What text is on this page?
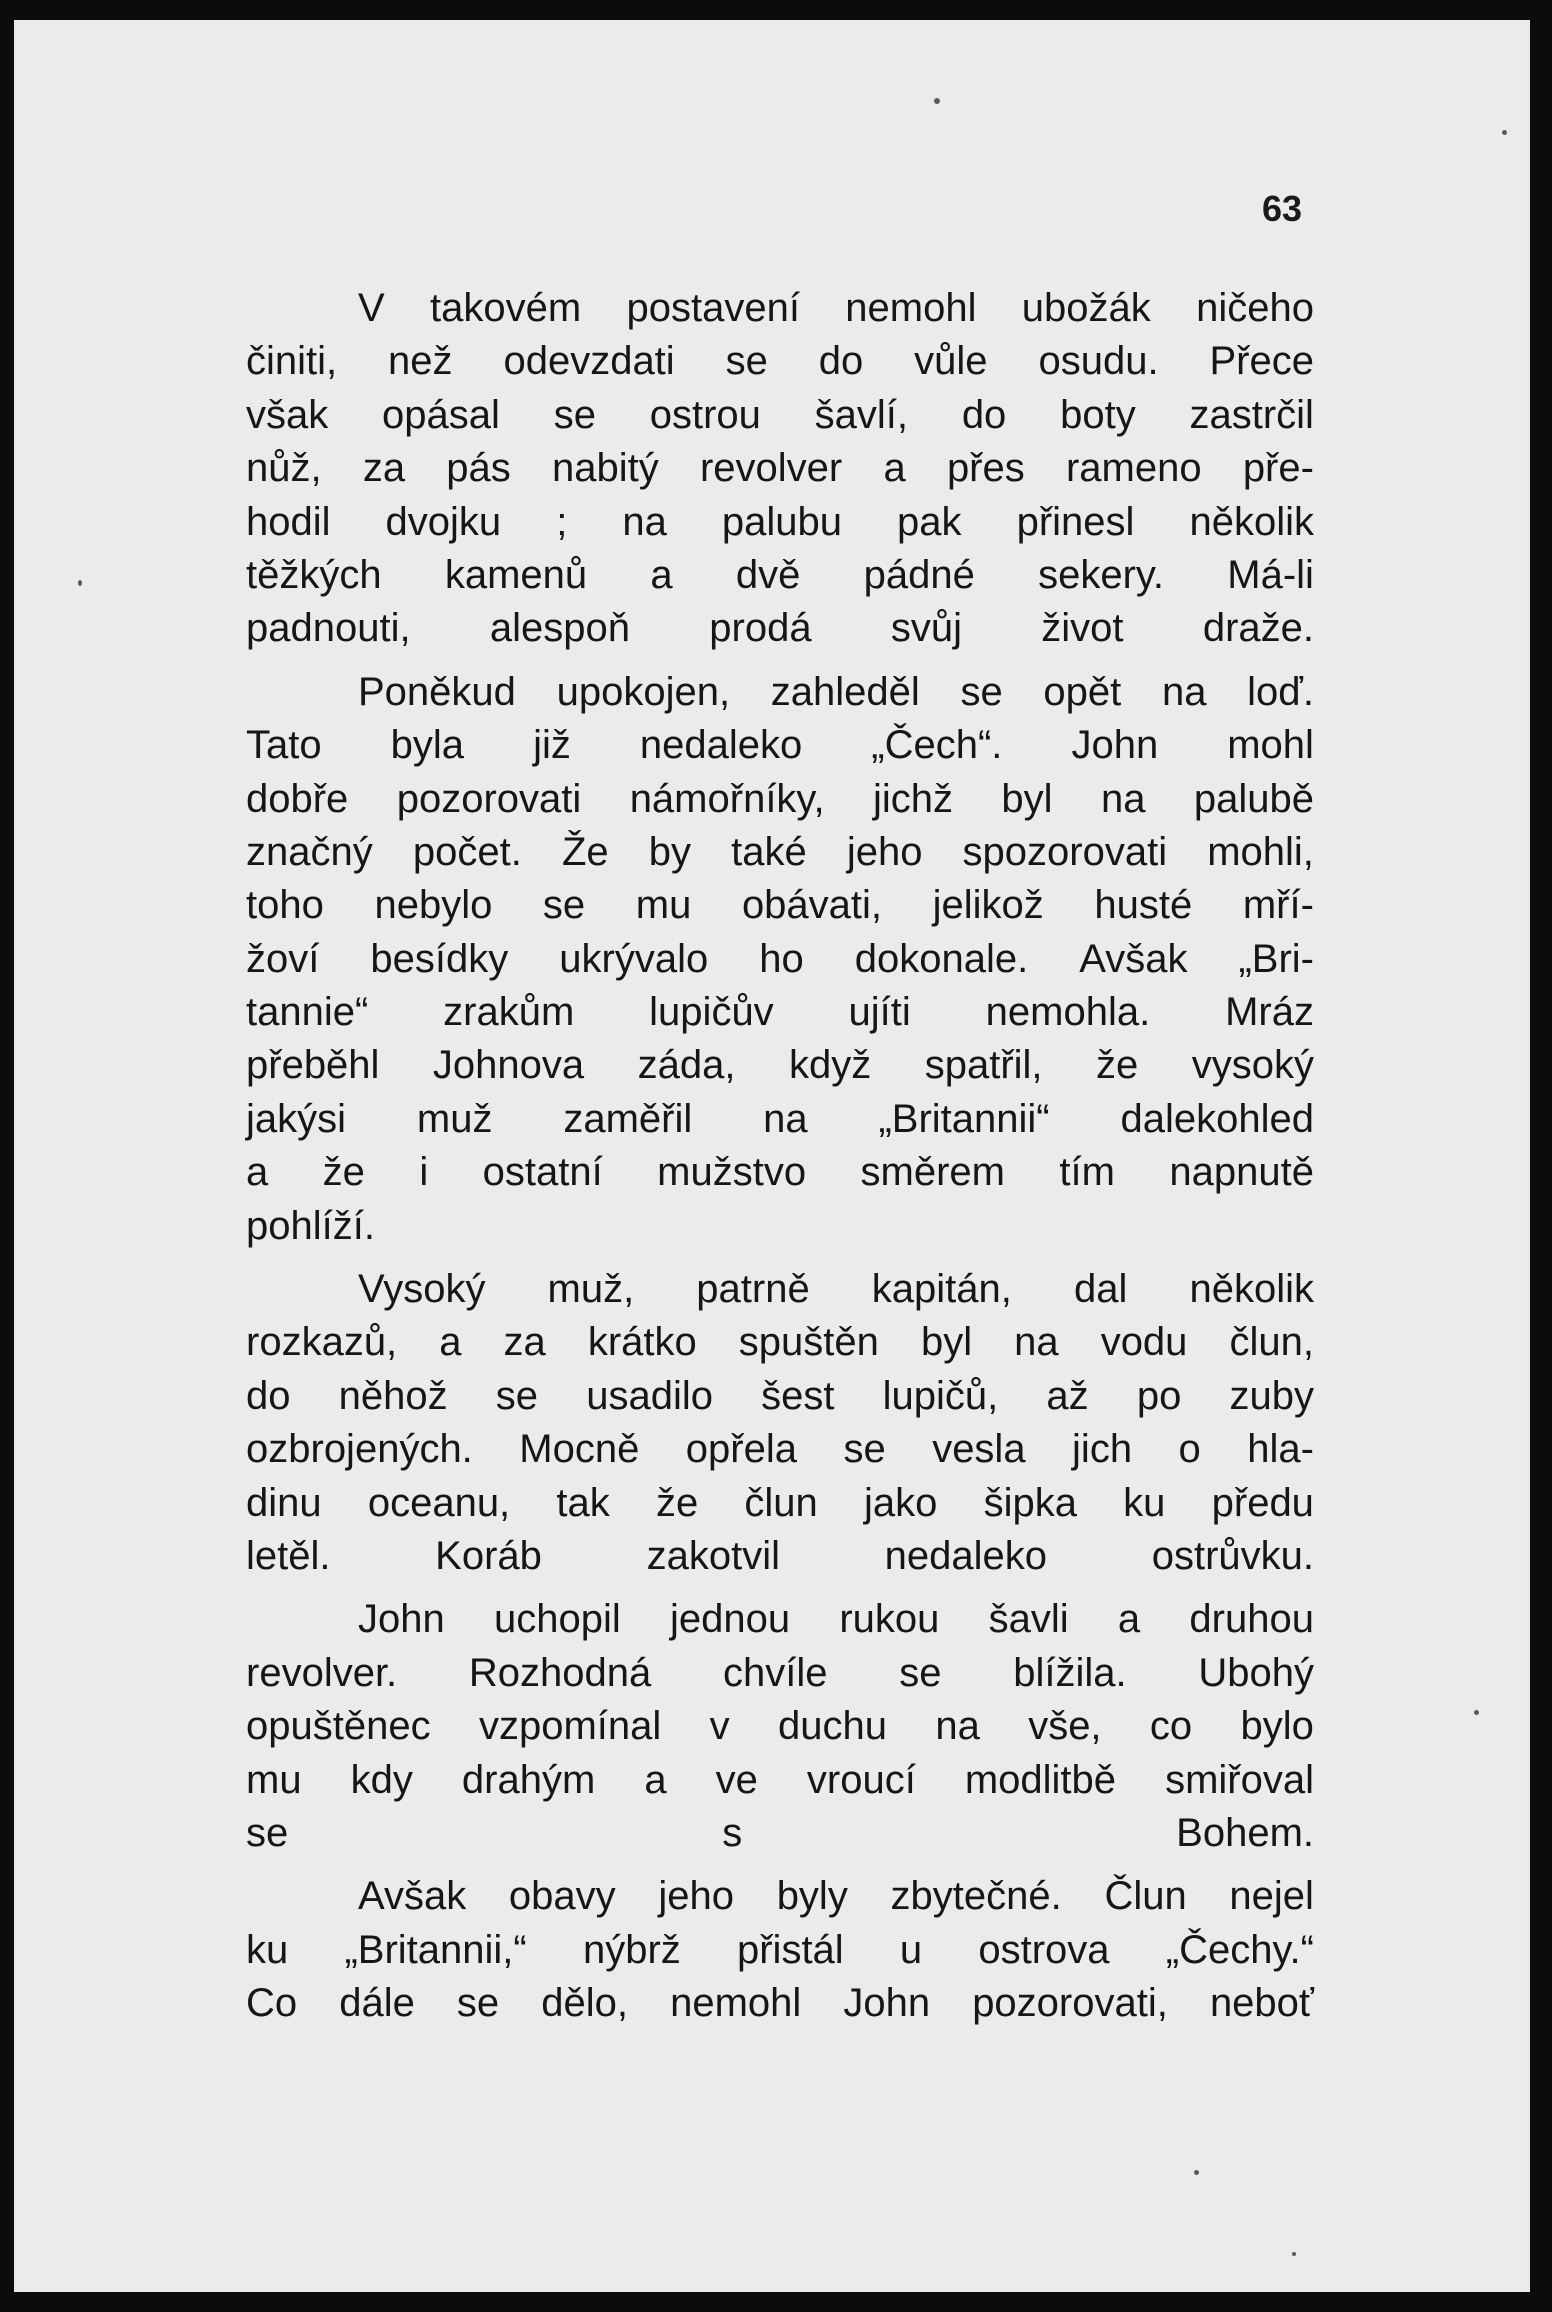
63
V takovém postavení nemohl ubožák ničeho
činiti, než odevzdati se do vůle osudu. Přece
však opásal se ostrou šavlí, do boty zastrčil
nůž, za pás nabitý revolver a přes rameno pře-
hodil dvojku ; na palubu pak přinesl několik
těžkých kamenů a dvě pádné sekery. Má-li
padnouti, alespoň prodá svůj život draže.
Poněkud upokojen, zahleděl se opět na loď.
Tato byla již nedaleko „Čech“. John mohl
dobře pozorovati námořníky, jichž byl na palubě
značný počet. Že by také jeho spozorovati mohli,
toho nebylo se mu obávati, jelikož husté mří-
žoví besídky ukrývalo ho dokonale. Avšak „Bri-
tannie“ zrakům lupičův ujíti nemohla. Mráz
přeběhl Johnova záda, když spatřil, že vysoký
jakýsi muž zaměřil na „Britannii“ dalekohled
a že i ostatní mužstvo směrem tím napnutě
pohlíží.
Vysoký muž, patrně kapitán, dal několik
rozkazů, a za krátko spuštěn byl na vodu člun,
do něhož se usadilo šest lupičů, až po zuby
ozbrojených. Mocně opřela se vesla jich o hla-
dinu oceanu, tak že člun jako šipka ku předu
letěl. Koráb zakotvil nedaleko ostrůvku.
John uchopil jednou rukou šavli a druhou
revolver. Rozhodná chvíle se blížila. Ubohý
opuštěnec vzpomínal v duchu na vše, co bylo
mu kdy drahým a ve vroucí modlitbě smiřoval
se s Bohem.
Avšak obavy jeho byly zbytečné. Člun nejel
ku „Britannii,“ nýbrž přistál u ostrova „Čechy.“
Co dále se dělo, nemohl John pozorovati, neboť
